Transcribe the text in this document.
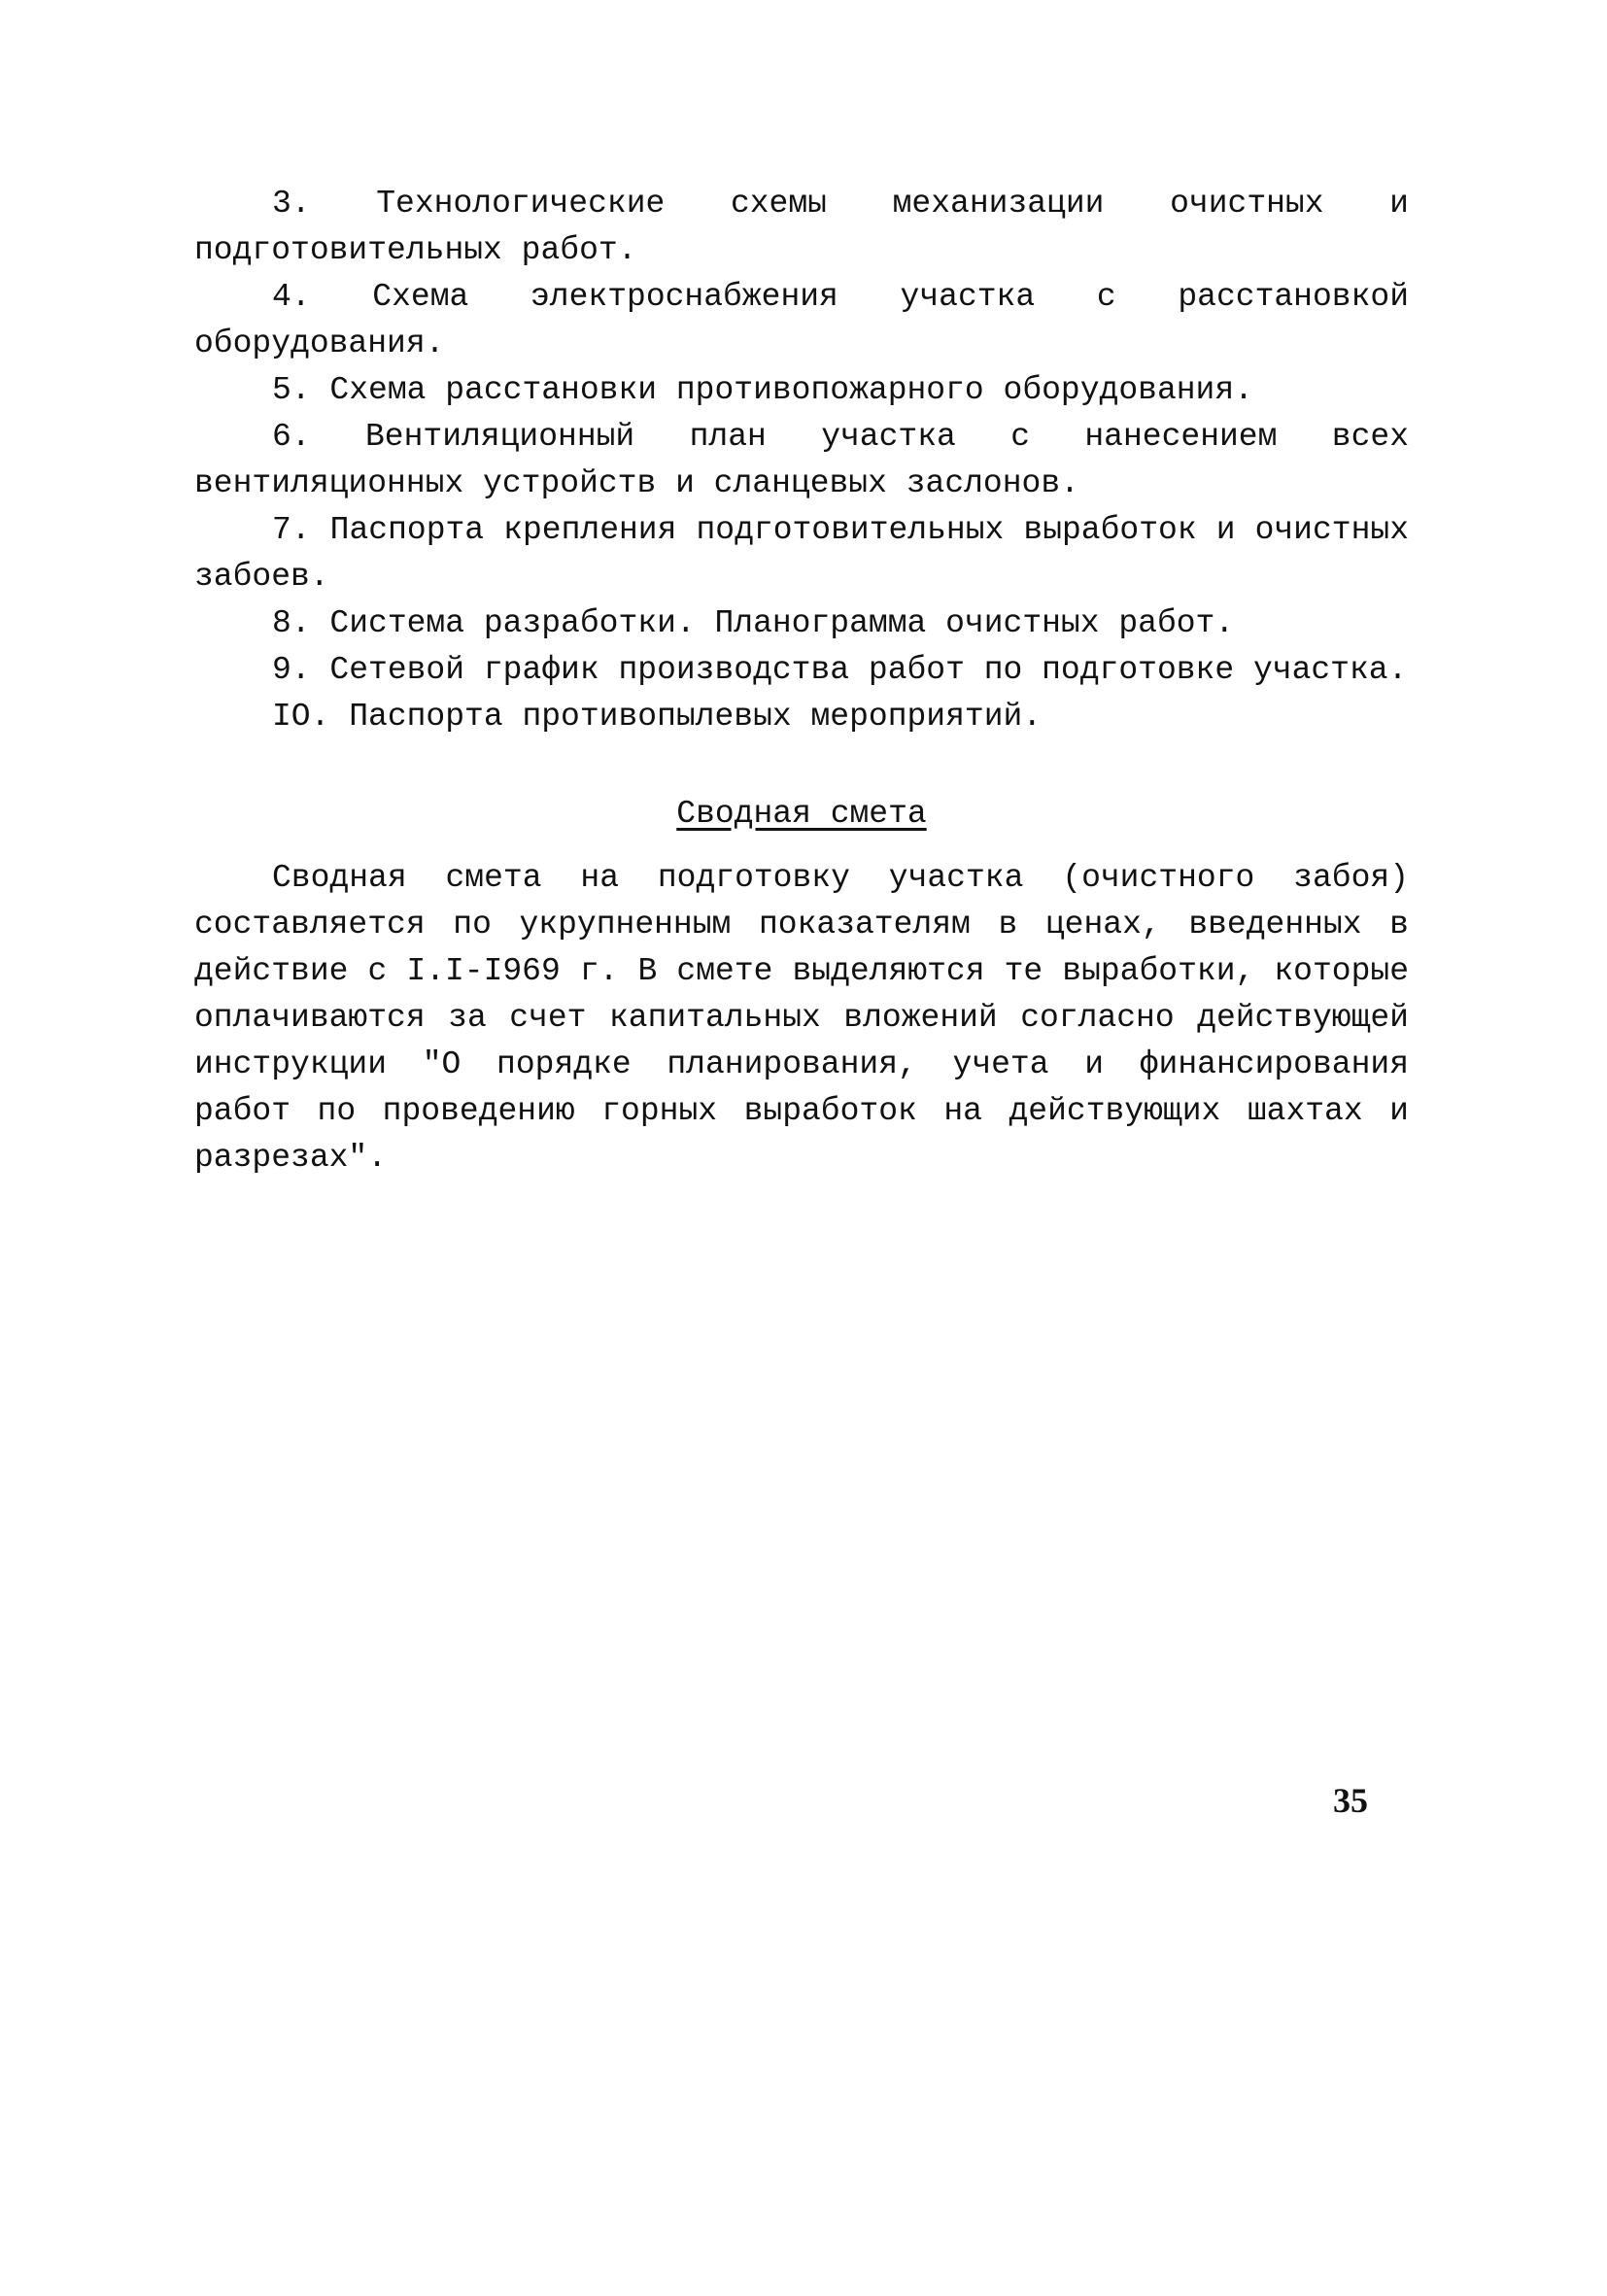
3. Технологические схемы механизации очистных и подготовительных работ.

4. Схема электроснабжения участка с расстановкой оборудования.

5. Схема расстановки противопожарного оборудования.

6. Вентиляционный план участка с нанесением всех вентиляционных устройств и сланцевых заслонов.

7. Паспорта крепления подготовительных выработок и очистных забоев.

8. Система разработки. Планограмма очистных работ.

9. Сетевой график производства работ по подготовке участка.

IO. Паспорта противопылевых мероприятий.

Сводная смета

Сводная смета на подготовку участка (очистного забоя) составляется по укрупненным показателям в ценах, введенных в действие с I.I-I969 г. В смете выделяются те выработки, которые оплачиваются за счет капитальных вложений согласно действующей инструкции "О порядке планирования, учета и финансирования работ по проведению горных выработок на действующих шахтах и разрезах".

35
